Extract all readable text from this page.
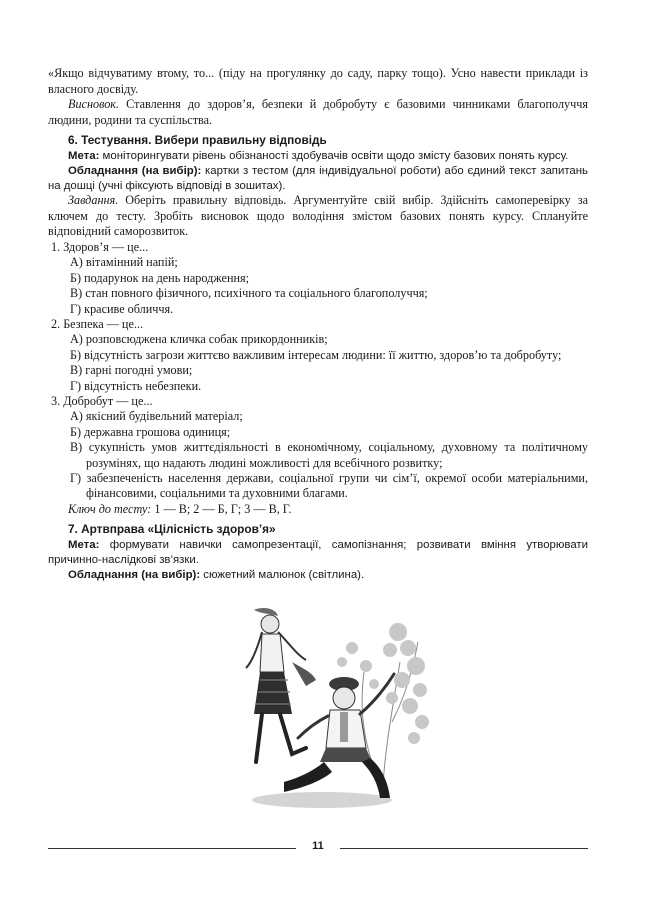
«Якщо відчуватиму втому, то... (піду на прогулянку до саду, парку тощо). Усно навести приклади із власного досвіду.

Висновок. Ставлення до здоров’я, безпеки й добробуту є базовими чинниками благополуччя людини, родини та суспільства.

6. Тестування. Вибери правильну відповідь

Мета: моніторингувати рівень обізнаності здобувачів освіти щодо змісту базових понять курсу.

Обладнання (на вибір): картки з тестом (для індивідуальної роботи) або єдиний текст запитань на дошці (учні фіксують відповіді в зошитах).

Завдання. Оберіть правильну відповідь. Аргументуйте свій вибір. Здійсніть самоперевірку за ключем до тесту. Зробіть висновок щодо володіння змістом базових понять курсу. Сплануйте відповідний саморозвиток.

1. Здоров’я — це...

А) вітамінний напій;

Б) подарунок на день народження;

В) стан повного фізичного, психічного та соціального благополуччя;

Г) красиве обличчя.

2. Безпека — це...

А) розповсюджена кличка собак прикордонників;

Б) відсутність загрози життєво важливим інтересам людини: її життю, здоров’ю та добробуту;

В) гарні погодні умови;

Г) відсутність небезпеки.

3. Добробут — це...

А) якісний будівельний матеріал;

Б) державна грошова одиниця;

В) сукупність умов життєдіяльності в економічному, соціальному, духовному та політичному розумінях, що надають людині можливості для всебічного розвитку;

Г) забезпеченість населення держави, соціальної групи чи сім’ї, окремої особи матеріальними, фінансовими, соціальними та духовними благами.

Ключ до тесту: 1 — В; 2 — Б, Г; 3 — В, Г.

7. Артвправа «Цілісність здоров’я»

Мета: формувати навички самопрезентації, самопізнання; розвивати вміння утворювати причинно-наслідкові зв’язки.

Обладнання (на вибір): сюжетний малюнок (світлина).

11
